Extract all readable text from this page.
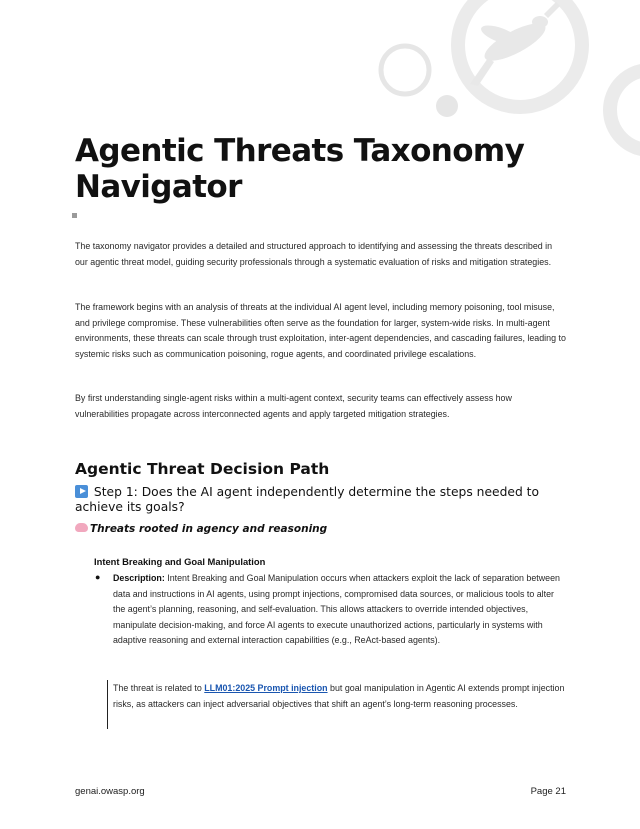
Agentic Threats Taxonomy Navigator

The taxonomy navigator provides a detailed and structured approach to identifying and assessing the threats described in our agentic threat model, guiding security professionals through a systematic evaluation of risks and mitigation strategies.

The framework begins with an analysis of threats at the individual AI agent level, including memory poisoning, tool misuse, and privilege compromise. These vulnerabilities often serve as the foundation for larger, system-wide risks. In multi-agent environments, these threats can scale through trust exploitation, inter-agent dependencies, and cascading failures, leading to systemic risks such as communication poisoning, rogue agents, and coordinated privilege escalations.

By first understanding single-agent risks within a multi-agent context, security teams can effectively assess how vulnerabilities propagate across interconnected agents and apply targeted mitigation strategies.

Agentic Threat Decision Path

Step 1: Does the AI agent independently determine the steps needed to achieve its goals?

Threats rooted in agency and reasoning

Intent Breaking and Goal Manipulation

● Description: Intent Breaking and Goal Manipulation occurs when attackers exploit the lack of separation between data and instructions in AI agents, using prompt injections, compromised data sources, or malicious tools to alter the agent’s planning, reasoning, and self-evaluation. This allows attackers to override intended objectives, manipulate decision-making, and force AI agents to execute unauthorized actions, particularly in systems with adaptive reasoning and external interaction capabilities (e.g., ReAct-based agents).

The threat is related to LLM01:2025 Prompt injection but goal manipulation in Agentic AI extends prompt injection risks, as attackers can inject adversarial objectives that shift an agent’s long-term reasoning processes.

genai.owasp.org	Page 21
